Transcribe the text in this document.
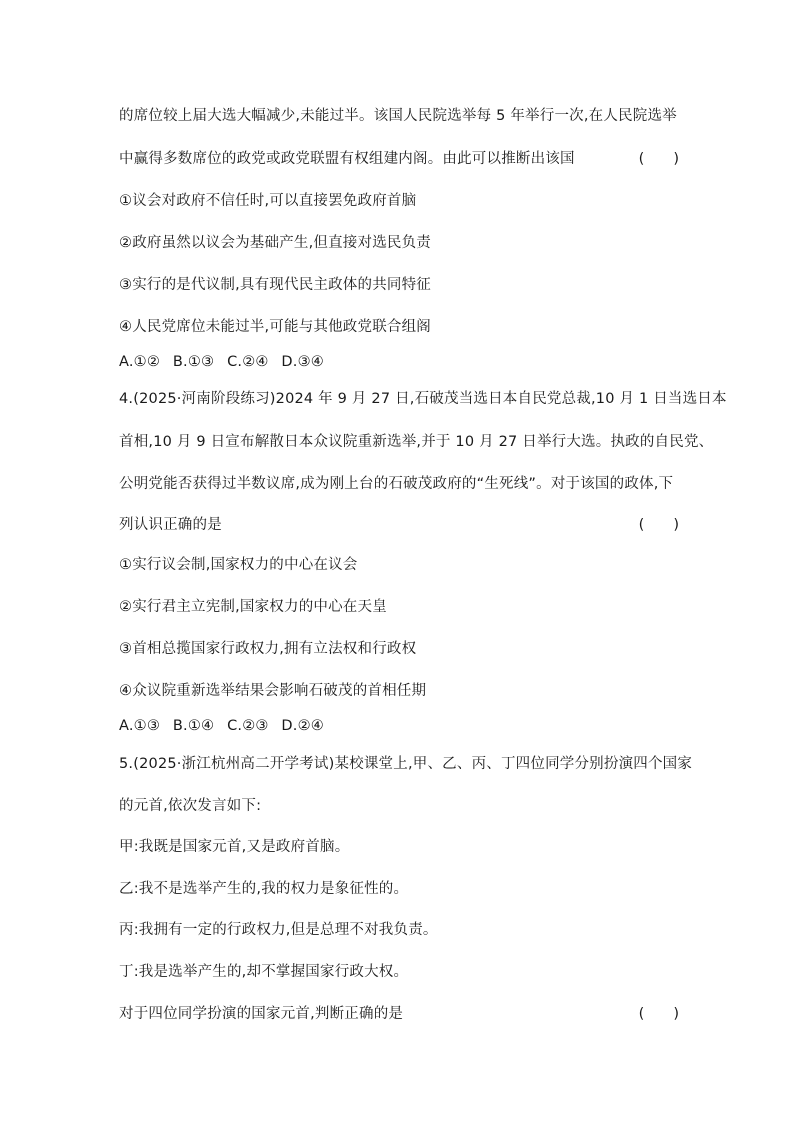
的席位较上届大选大幅减少,未能过半。该国人民院选举每 5 年举行一次,在人民院选举
中赢得多数席位的政党或政党联盟有权组建内阁。由此可以推断出该国	(　　)
①议会对政府不信任时,可以直接罢免政府首脑
②政府虽然以议会为基础产生,但直接对选民负责
③实行的是代议制,具有现代民主政体的共同特征
④人民党席位未能过半,可能与其他政党联合组阁
A.①② B.①③ C.②④ D.③④
4.(2025·河南阶段练习)2024 年 9 月 27 日,石破茂当选日本自民党总裁,10 月 1 日当选日本
首相,10 月 9 日宣布解散日本众议院重新选举,并于 10 月 27 日举行大选。执政的自民党、
公明党能否获得过半数议席,成为刚上台的石破茂政府的“生死线”。对于该国的政体,下
列认识正确的是	(　　)
①实行议会制,国家权力的中心在议会
②实行君主立宪制,国家权力的中心在天皇
③首相总揽国家行政权力,拥有立法权和行政权
④众议院重新选举结果会影响石破茂的首相任期
A.①③ B.①④ C.②③ D.②④
5.(2025·浙江杭州高二开学考试)某校课堂上,甲、乙、丙、丁四位同学分别扮演四个国家
的元首,依次发言如下:
甲:我既是国家元首,又是政府首脑。
乙:我不是选举产生的,我的权力是象征性的。
丙:我拥有一定的行政权力,但是总理不对我负责。
丁:我是选举产生的,却不掌握国家行政大权。
对于四位同学扮演的国家元首,判断正确的是	(　　)
